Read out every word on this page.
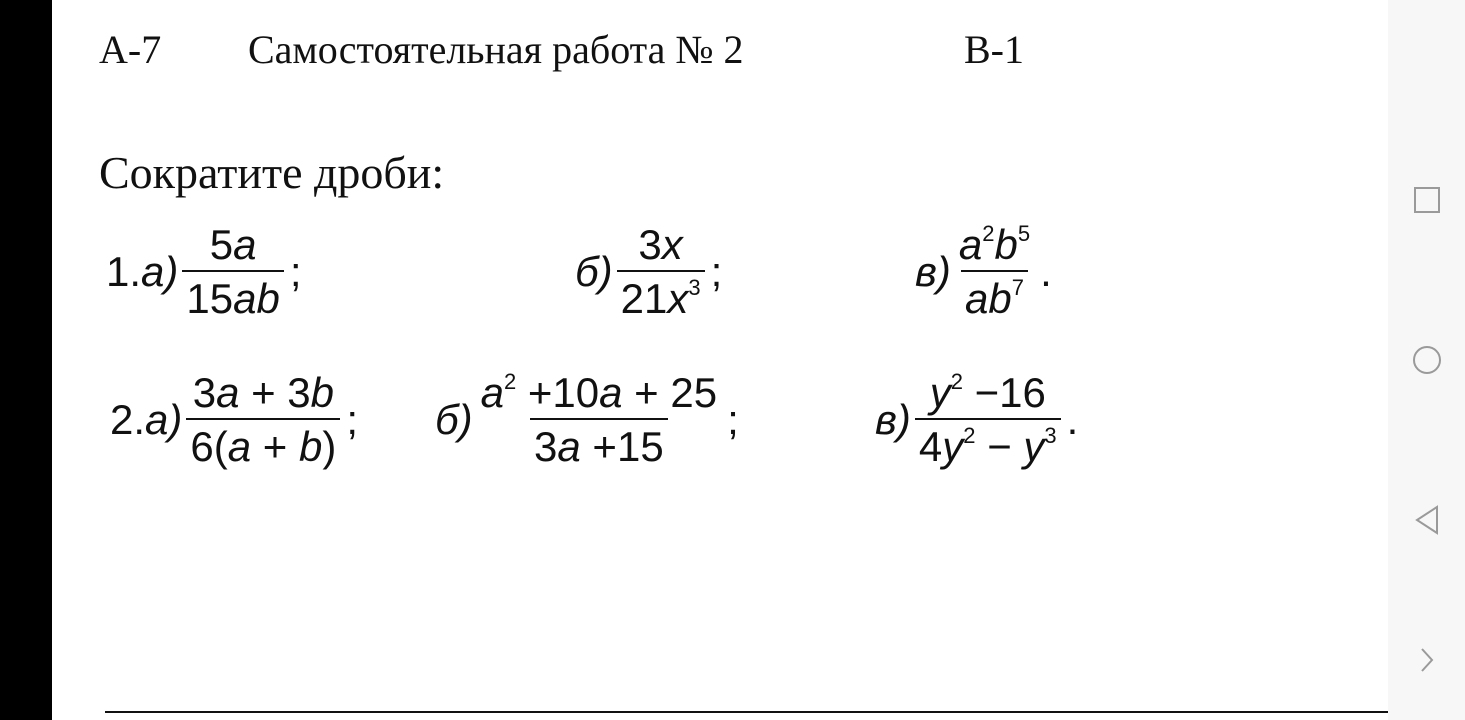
А-7 Самостоятельная работа № 2	В-1
Сократите дроби:
1. $а) \frac{5a}{15ab}$ ;	$б) \frac{3x}{21x^3}$ ;	$в) \frac{a^2b^5}{ab^7}$ .
2. $а) \frac{3a + 3b}{6(a + b)}$ ; $б) \frac{a^2 +10a + 25}{3a +15}$ ;	$в) \frac{y^2 -16}{4y^2 - y^3}$ .
